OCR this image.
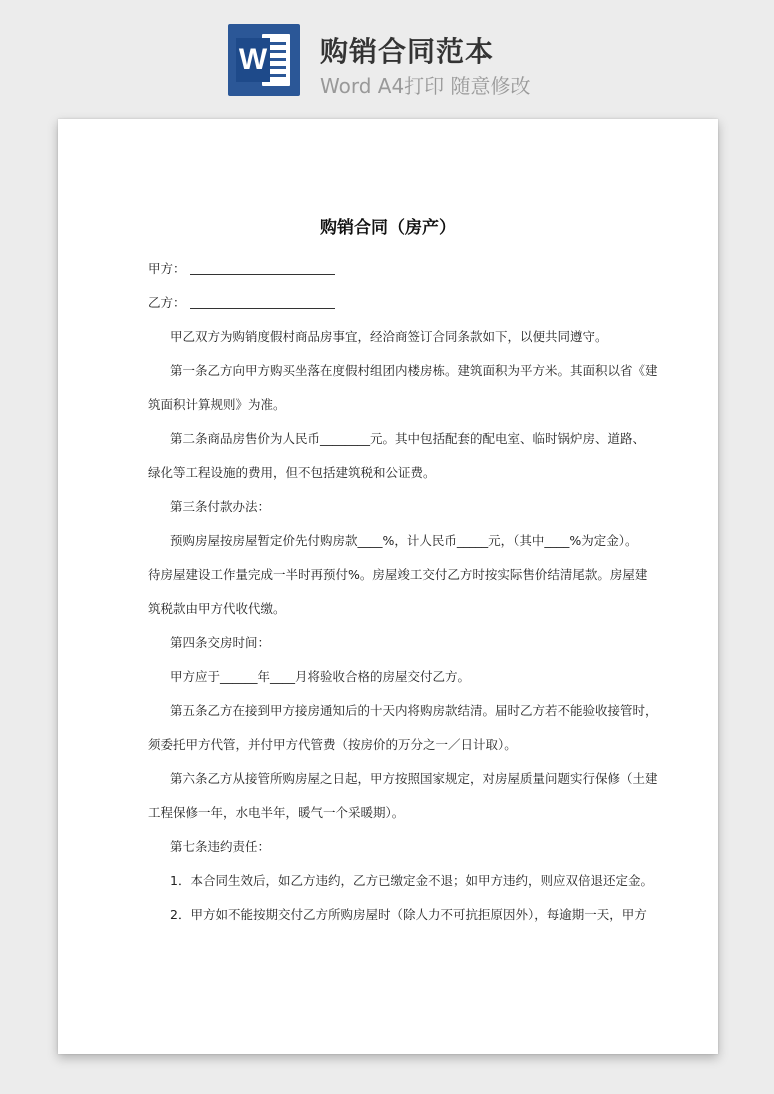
W 购销合同范本
Word A4打印 随意修改
购销合同（房产）
甲方：
乙方：
甲乙双方为购销度假村商品房事宜，经洽商签订合同条款如下，以便共同遵守。
第一条乙方向甲方购买坐落在度假村组团内楼房栋。建筑面积为平方米。其面积以省《建
筑面积计算规则》为准。
第二条商品房售价为人民币________元。其中包括配套的配电室、临时锅炉房、道路、
绿化等工程设施的费用，但不包括建筑税和公证费。
第三条付款办法：
预购房屋按房屋暂定价先付购房款____%，计人民币_____元，（其中____%为定金）。
待房屋建设工作量完成一半时再预付%。房屋竣工交付乙方时按实际售价结清尾款。房屋建
筑税款由甲方代收代缴。
第四条交房时间：
甲方应于______年____月将验收合格的房屋交付乙方。
第五条乙方在接到甲方接房通知后的十天内将购房款结清。届时乙方若不能验收接管时，
须委托甲方代管，并付甲方代管费（按房价的万分之一／日计取）。
第六条乙方从接管所购房屋之日起，甲方按照国家规定，对房屋质量问题实行保修（土建
工程保修一年，水电半年，暖气一个采暖期）。
第七条违约责任：
1．本合同生效后，如乙方违约，乙方已缴定金不退；如甲方违约，则应双倍退还定金。
2．甲方如不能按期交付乙方所购房屋时（除人力不可抗拒原因外），每逾期一天，甲方
